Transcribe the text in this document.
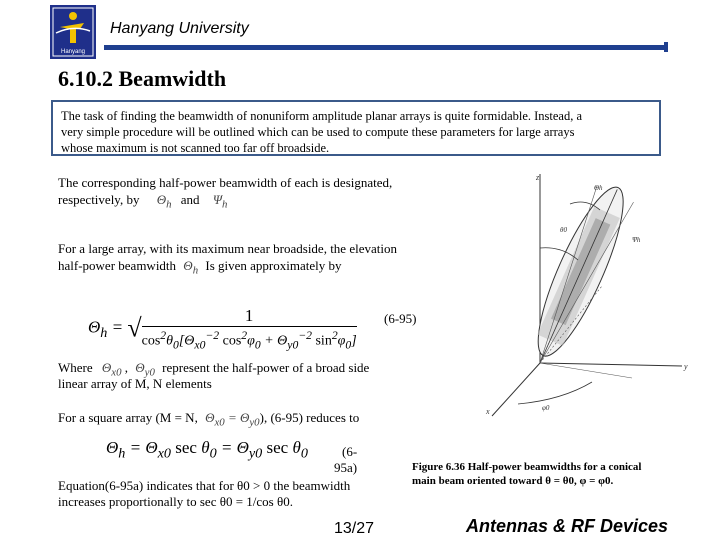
Hanyang
Hanyang University
6.10.2 Beamwidth
The task of finding the beamwidth of nonuniform amplitude planar arrays is quite formidable. Instead, a
very simple procedure will be outlined which can be used to compute these parameters for large arrays
whose maximum is not scanned too far off broadside.
The corresponding half-power beamwidth of each is designated,
respectively, by $\Theta_h$ and $\Psi_h$
For a large array, with its maximum near broadside, the elevation
half-power beamwidth $\Theta_h$ Is given approximately by
$\Theta_h$ = √	1
$\cos^2\theta_0[\Theta_{x0}^{-2}$ $\cos^2\varphi_0 + \Theta_{y0}^{-2}$ $\sin^2\varphi_0$]
(6-95)
Where $\Theta_{x0}$ , $\Theta_{y0}$ represent the half-power of a broad side
linear array of M, N elements
For a square array (M = N, $\Theta_{x0} = \Theta_{y0}$), (6-95) reduces to
$\Theta_h = \Theta_{x0}$ $\sec \theta_0 = \Theta_{y0}$ $\sec \theta_0$	(6-
95a)
Equation(6-95a) indicates that for θ0 > 0 the beamwidth
increases proportionally to sec θ0 = 1/cos θ0.
z
y
x
Θh
Ψh
θ0
φ0
Figure 6.36 Half-power beamwidths for a conical
main beam oriented toward θ = θ0, φ = φ0.
13/27	Antennas & RF Devices
